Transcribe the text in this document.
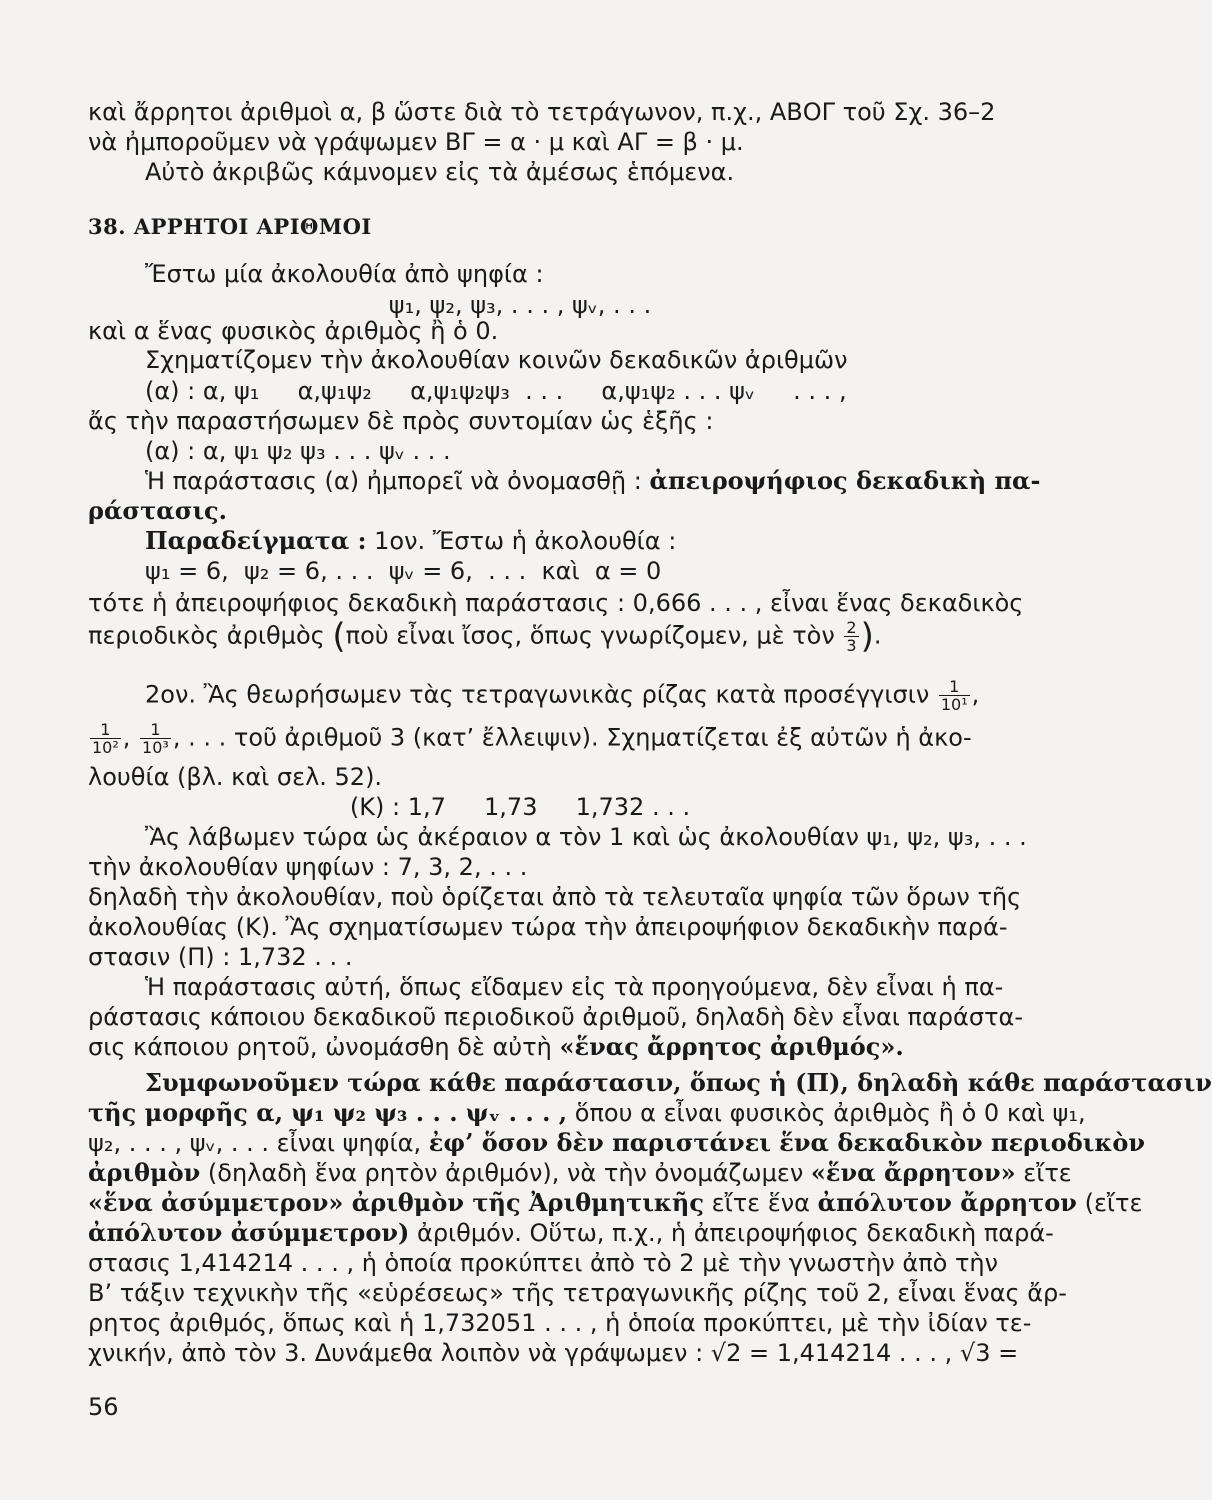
καὶ ἄρρητοι ἀριθμοὶ α, β ὥστε διὰ τὸ τετράγωνον, π.χ., ΑΒΟΓ τοῦ Σχ. 36–2
νὰ ἠμποροῦμεν νὰ γράψωμεν ΒΓ = α · μ καὶ ΑΓ = β · μ.
Αὐτὸ ἀκριβῶς κάμνομεν εἰς τὰ ἀμέσως ἑπόμενα.
38. ΑΡΡΗΤΟΙ ΑΡΙΘΜΟΙ
Ἔστω μία ἀκολουθία ἀπὸ ψηφία :
ψ₁, ψ₂, ψ₃, . . . , ψᵥ, . . .
καὶ α ἕνας φυσικὸς ἀριθμὸς ἢ ὁ 0.
Σχηματίζομεν τὴν ἀκολουθίαν κοινῶν δεκαδικῶν ἀριθμῶν
(α) : α, ψ₁     α,ψ₁ψ₂     α,ψ₁ψ₂ψ₃  . . .     α,ψ₁ψ₂ . . . ψᵥ     . . . ,
ἄς τὴν παραστήσωμεν δὲ πρὸς συντομίαν ὡς ἑξῆς :
(α) : α, ψ₁ ψ₂ ψ₃ . . . ψᵥ . . .
Ἡ παράστασις (α) ἠμπορεῖ νὰ ὀνομασθῇ : ἀπειροψήφιος δεκαδικὴ πα-
ράστασις.
Παραδείγματα : 1ον. Ἔστω ἡ ἀκολουθία :
ψ₁ = 6,  ψ₂ = 6, . . .  ψᵥ = 6,  . . .  καὶ  α = 0
τότε ἡ ἀπειροψήφιος δεκαδικὴ παράστασις : 0,666 . . . , εἶναι ἕνας δεκαδικὸς
περιοδικὸς ἀριθμὸς (ποὺ εἶναι ἴσος, ὅπως γνωρίζομεν, μὲ τὸν $\frac{2}{3}$ ).
2ον. Ἂς θεωρήσωμεν τὰς τετραγωνικὰς ρίζας κατὰ προσέγγισιν $\frac{1}{\text{10¹}}$ ,
$\frac{1}{\text{10²}}$ , $\frac{1}{\text{10³}}$ , . . . τοῦ ἀριθμοῦ 3 (κατ’ ἔλλειψιν). Σχηματίζεται ἐξ αὐτῶν ἡ ἀκο-
λουθία (βλ. καὶ σελ. 52).
(Κ) : 1,7     1,73     1,732 . . .
Ἂς λάβωμεν τώρα ὡς ἀκέραιον α τὸν 1 καὶ ὡς ἀκολουθίαν ψ₁, ψ₂, ψ₃, . . .
τὴν ἀκολουθίαν ψηφίων : 7, 3, 2, . . .
δηλαδὴ τὴν ἀκολουθίαν, ποὺ ὁρίζεται ἀπὸ τὰ τελευταῖα ψηφία τῶν ὅρων τῆς
ἀκολουθίας (Κ). Ἂς σχηματίσωμεν τώρα τὴν ἀπειροψήφιον δεκαδικὴν παρά-
στασιν (Π) : 1,732 . . .
Ἡ παράστασις αὐτή, ὅπως εἴδαμεν εἰς τὰ προηγούμενα, δὲν εἶναι ἡ πα-
ράστασις κάποιου δεκαδικοῦ περιοδικοῦ ἀριθμοῦ, δηλαδὴ δὲν εἶναι παράστα-
σις κάποιου ρητοῦ, ὠνομάσθη δὲ αὐτὴ «ἕνας ἄρρητος ἀριθμός».
Συμφωνοῦμεν τώρα κάθε παράστασιν, ὅπως ἡ (Π), δηλαδὴ κάθε παράστασιν
τῆς μορφῆς α, ψ₁ ψ₂ ψ₃ . . . ψᵥ . . . , ὅπου α εἶναι φυσικὸς ἀριθμὸς ἢ ὁ 0 καὶ ψ₁,
ψ₂, . . . , ψᵥ, . . . εἶναι ψηφία, ἐφ’ ὅσον δὲν παριστάνει ἕνα δεκαδικὸν περιοδικὸν
ἀριθμὸν (δηλαδὴ ἕνα ρητὸν ἀριθμόν), νὰ τὴν ὀνομάζωμεν «ἕνα ἄρρητον» εἴτε
«ἕνα ἀσύμμετρον» ἀριθμὸν τῆς Ἀριθμητικῆς εἴτε ἕνα ἀπόλυτον ἄρρητον (εἴτε
ἀπόλυτον ἀσύμμετρον) ἀριθμόν. Οὕτω, π.χ., ἡ ἀπειροψήφιος δεκαδικὴ παρά-
στασις 1,414214 . . . , ἡ ὁποία προκύπτει ἀπὸ τὸ 2 μὲ τὴν γνωστὴν ἀπὸ τὴν
Β’ τάξιν τεχνικὴν τῆς «εὑρέσεως» τῆς τετραγωνικῆς ρίζης τοῦ 2, εἶναι ἕνας ἄρ-
ρητος ἀριθμός, ὅπως καὶ ἡ 1,732051 . . . , ἡ ὁποία προκύπτει, μὲ τὴν ἰδίαν τε-
χνικήν, ἀπὸ τὸν 3. Δυνάμεθα λοιπὸν νὰ γράψωμεν : √2 = 1,414214 . . . , √3 =
56
